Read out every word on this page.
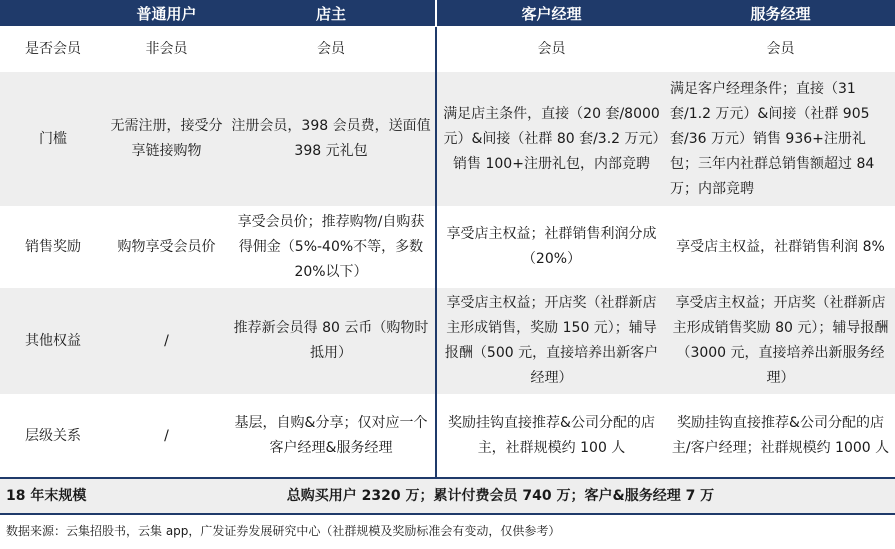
	普通用户	店主	客户经理	服务经理
是否会员	非会员	会员	会员	会员
门槛	无需注册，接受分享链接购物	注册会员，398 会员费，送面值 398 元礼包	满足店主条件，直接（20 套/8000 元）&间接（社群 80 套/3.2 万元）销售 100+注册礼包，内部竞聘	满足客户经理条件；直接（31 套/1.2 万元）&间接（社群 905 套/36 万元）销售 936+注册礼包；三年内社群总销售额超过 84 万；内部竞聘
销售奖励	购物享受会员价	享受会员价；推荐购物/自购获得佣金（5%-40%不等，多数 20%以下）	享受店主权益；社群销售利润分成（20%）	享受店主权益，社群销售利润 8%
其他权益	/	推荐新会员得 80 云币（购物时抵用）	享受店主权益；开店奖（社群新店主形成销售，奖励 150 元）；辅导报酬（500 元，直接培养出新客户经理）	享受店主权益；开店奖（社群新店主形成销售奖励 80 元）；辅导报酬（3000 元，直接培养出新服务经理）
层级关系	/	基层，自购&分享；仅对应一个客户经理&服务经理	奖励挂钩直接推荐&公司分配的店主，社群规模约 100 人	奖励挂钩直接推荐&公司分配的店主/客户经理；社群规模约 1000 人
18 年末规模	总购买用户 2320 万；累计付费会员 740 万；客户&服务经理 7 万			
数据来源：云集招股书，云集 app，广发证券发展研究中心（社群规模及奖励标准会有变动，仅供参考）
